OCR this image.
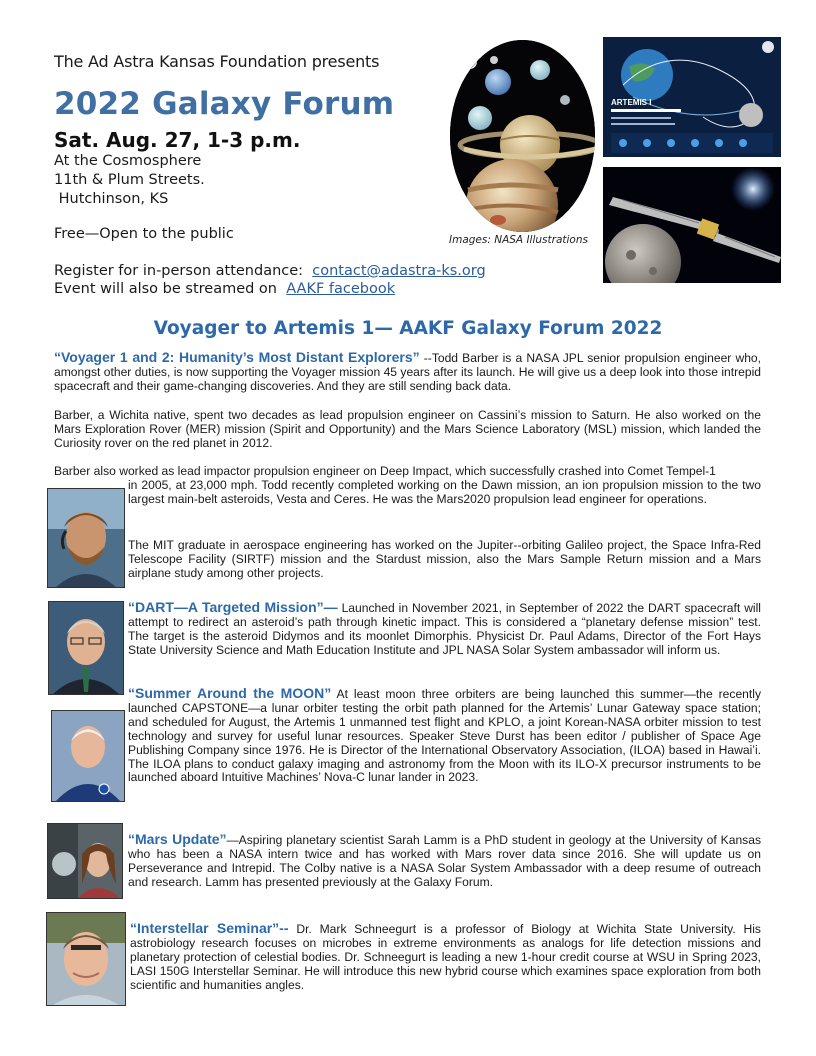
The Ad Astra Kansas Foundation presents
2022 Galaxy Forum
Sat. Aug. 27, 1-3 p.m.
At the Cosmosphere
11th & Plum Streets.
Hutchinson, KS
Free—Open to the public
Register for in-person attendance:  contact@adastra-ks.org
Event will also be streamed on  AAKF facebook
Images: NASA Illustrations
ARTEMIS I
Voyager to Artemis 1— AAKF Galaxy Forum 2022
“Voyager 1 and 2: Humanity’s Most Distant Explorers” --Todd Barber is a NASA JPL senior propulsion engineer who, amongst other duties, is now supporting the Voyager mission 45 years after its launch. He will give us a deep look into those intrepid spacecraft and their game-changing discoveries. And they are still sending back data.
Barber, a Wichita native, spent two decades as lead propulsion engineer on Cassini’s mission to Saturn. He also worked on the Mars Exploration Rover (MER) mission (Spirit and Opportunity) and the Mars Science Laboratory (MSL) mission, which landed the Curiosity rover on the red planet in 2012.
Barber also worked as lead impactor propulsion engineer on Deep Impact, which successfully crashed into Comet Tempel-1
in 2005, at 23,000 mph. Todd recently completed working on the Dawn mission, an ion propulsion mission to the two largest main-belt asteroids, Vesta and Ceres. He was the Mars2020 propulsion lead engineer for operations.
The MIT graduate in aerospace engineering has worked on the Jupiter--orbiting Galileo project, the Space Infra-Red Telescope Facility (SIRTF) mission and the Stardust mission, also the Mars Sample Return mission and a Mars airplane study among other projects.
“DART—A Targeted Mission”— Launched in November 2021, in September of 2022 the DART spacecraft will attempt to redirect an asteroid’s path through kinetic impact. This is considered a “planetary defense mission” test. The target is the asteroid Didymos and its moonlet Dimorphis. Physicist Dr. Paul Adams, Director of the Fort Hays State University Science and Math Education Institute and JPL NASA Solar System ambassador will inform us.
“Summer Around the MOON” At least moon three orbiters are being launched this summer—the recently launched CAPSTONE—a lunar orbiter testing the orbit path planned for the Artemis’ Lunar Gateway space station; and scheduled for August, the Artemis 1 unmanned test flight and KPLO, a joint Korean-NASA orbiter mission to test technology and survey for useful lunar resources. Speaker Steve Durst has been editor / publisher of Space Age Publishing Company since 1976. He is Director of the International Observatory Association, (ILOA) based in Hawai’i. The ILOA plans to conduct galaxy imaging and astronomy from the Moon with its ILO-X precursor instruments to be launched aboard Intuitive Machines’ Nova-C lunar lander in 2023.
“Mars Update”—Aspiring planetary scientist Sarah Lamm is a PhD student in geology at the University of Kansas who has been a NASA intern twice and has worked with Mars rover data since 2016. She will update us on Perseverance and Intrepid. The Colby native is a NASA Solar System Ambassador with a deep resume of outreach and research. Lamm has presented previously at the Galaxy Forum.
“Interstellar Seminar”-- Dr. Mark Schneegurt is a professor of Biology at Wichita State University. His astrobiology research focuses on microbes in extreme environments as analogs for life detection missions and planetary protection of celestial bodies. Dr. Schneegurt is leading a new 1-hour credit course at WSU in Spring 2023, LASI 150G Interstellar Seminar. He will introduce this new hybrid course which examines space exploration from both scientific and humanities angles.
